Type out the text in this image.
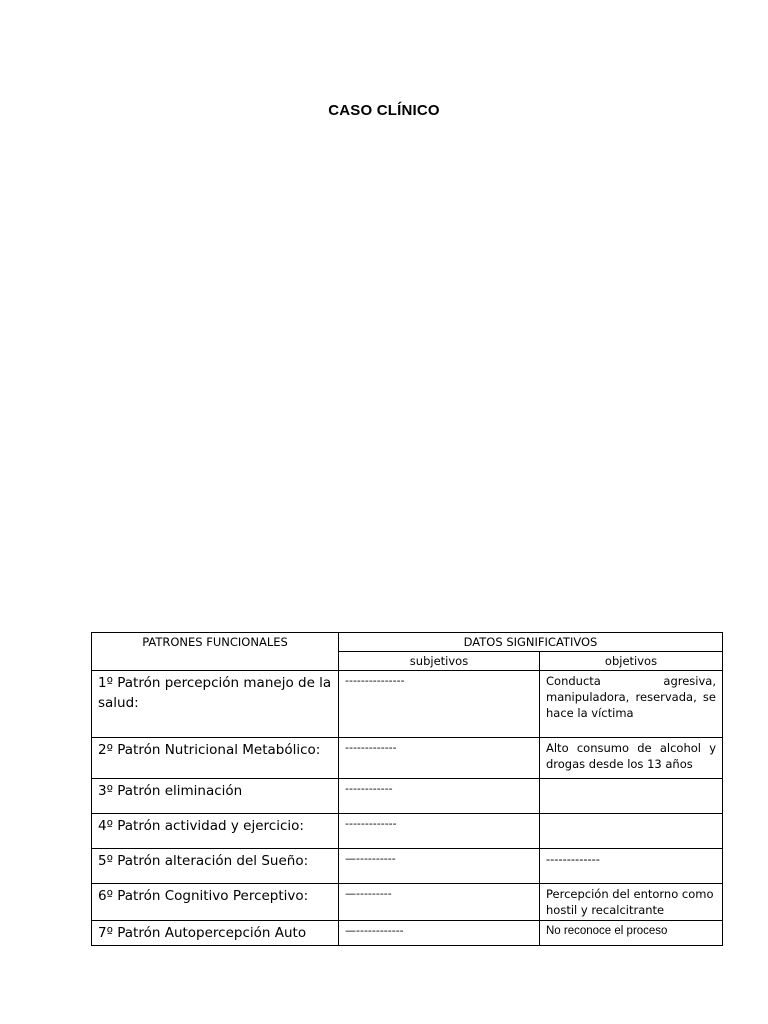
CASO CLÍNICO
PATRONES FUNCIONALES	DATOS SIGNIFICATIVOS	
	subjetivos	objetivos
1º Patrón percepción manejo de la salud:	---------------	Conducta agresiva, manipuladora, reservada, se hace la víctima
2º Patrón Nutricional Metabólico:	-------------	Alto consumo de alcohol y drogas desde los 13 años
3º Patrón eliminación	------------	
4º Patrón actividad y ejercicio:	-------------	
5º Patrón alteración del Sueño:	—----------	-------------
6º Patrón Cognitivo Perceptivo:	—---------	Percepción del entorno como hostil y recalcitrante
7º Patrón Autopercepción Auto	—------------	No reconoce el proceso
